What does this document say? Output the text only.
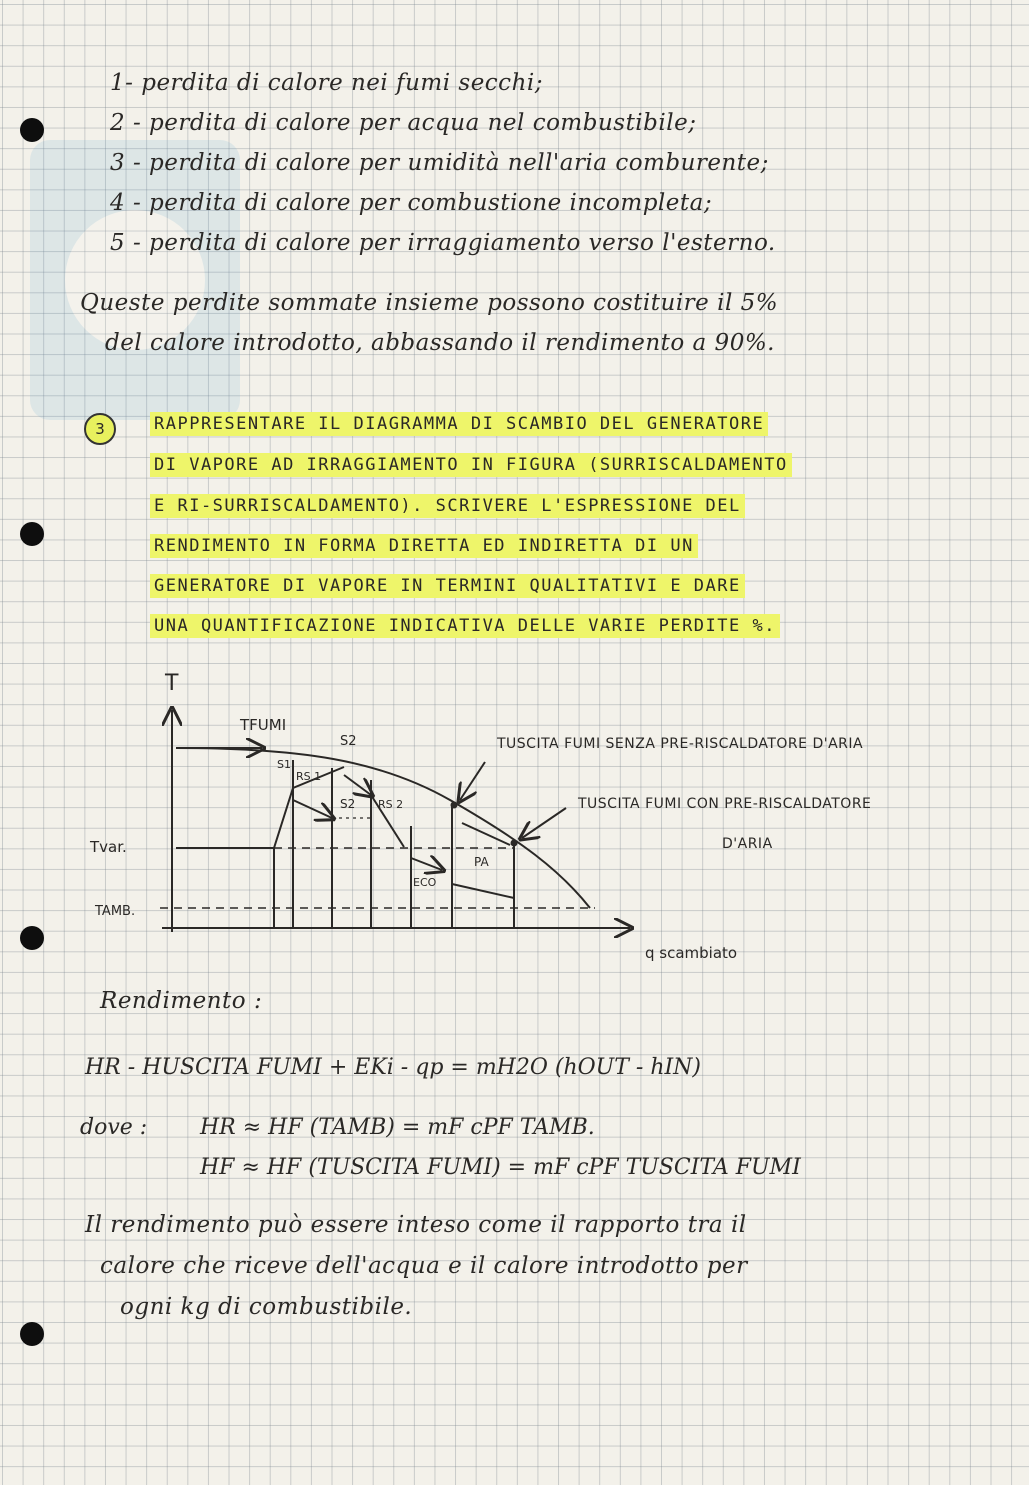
1- perdita di calore nei fumi secchi;
2 - perdita di calore per acqua nel combustibile;
3 - perdita di calore per umidità nell'aria comburente;
4 - perdita di calore per combustione incompleta;
5 - perdita di calore per irraggiamento verso l'esterno.
Queste perdite sommate insieme possono costituire il 5%
del calore introdotto, abbassando il rendimento a 90%.
3	RAPPRESENTARE IL DIAGRAMMA DI SCAMBIO DEL GENERATORE
DI VAPORE AD IRRAGGIAMENTO IN FIGURA (SURRISCALDAMENTO
E RI-SURRISCALDAMENTO). SCRIVERE L'ESPRESSIONE DEL
RENDIMENTO IN FORMA DIRETTA ED INDIRETTA DI UN
GENERATORE DI VAPORE IN TERMINI QUALITATIVI E DARE
UNA QUANTIFICAZIONE INDICATIVA DELLE VARIE PERDITE %.
T
TFUMI
Tvar.
TAMB.
q scambiato
S1
S2
RS 1
S2 RS 2
ECO
PA
TUSCITA FUMI SENZA PRE-RISCALDATORE D'ARIA
TUSCITA FUMI CON PRE-RISCALDATORE
D'ARIA
Rendimento :
HR - HUSCITA FUMI + EKi - qp = mH2O (hOUT - hIN)
dove : HR ≈ HF (TAMB) = mF cPF TAMB.
HF ≈ HF (TUSCITA FUMI) = mF cPF TUSCITA FUMI
Il rendimento può essere inteso come il rapporto tra il
calore che riceve dell'acqua e il calore introdotto per
ogni kg di combustibile.
